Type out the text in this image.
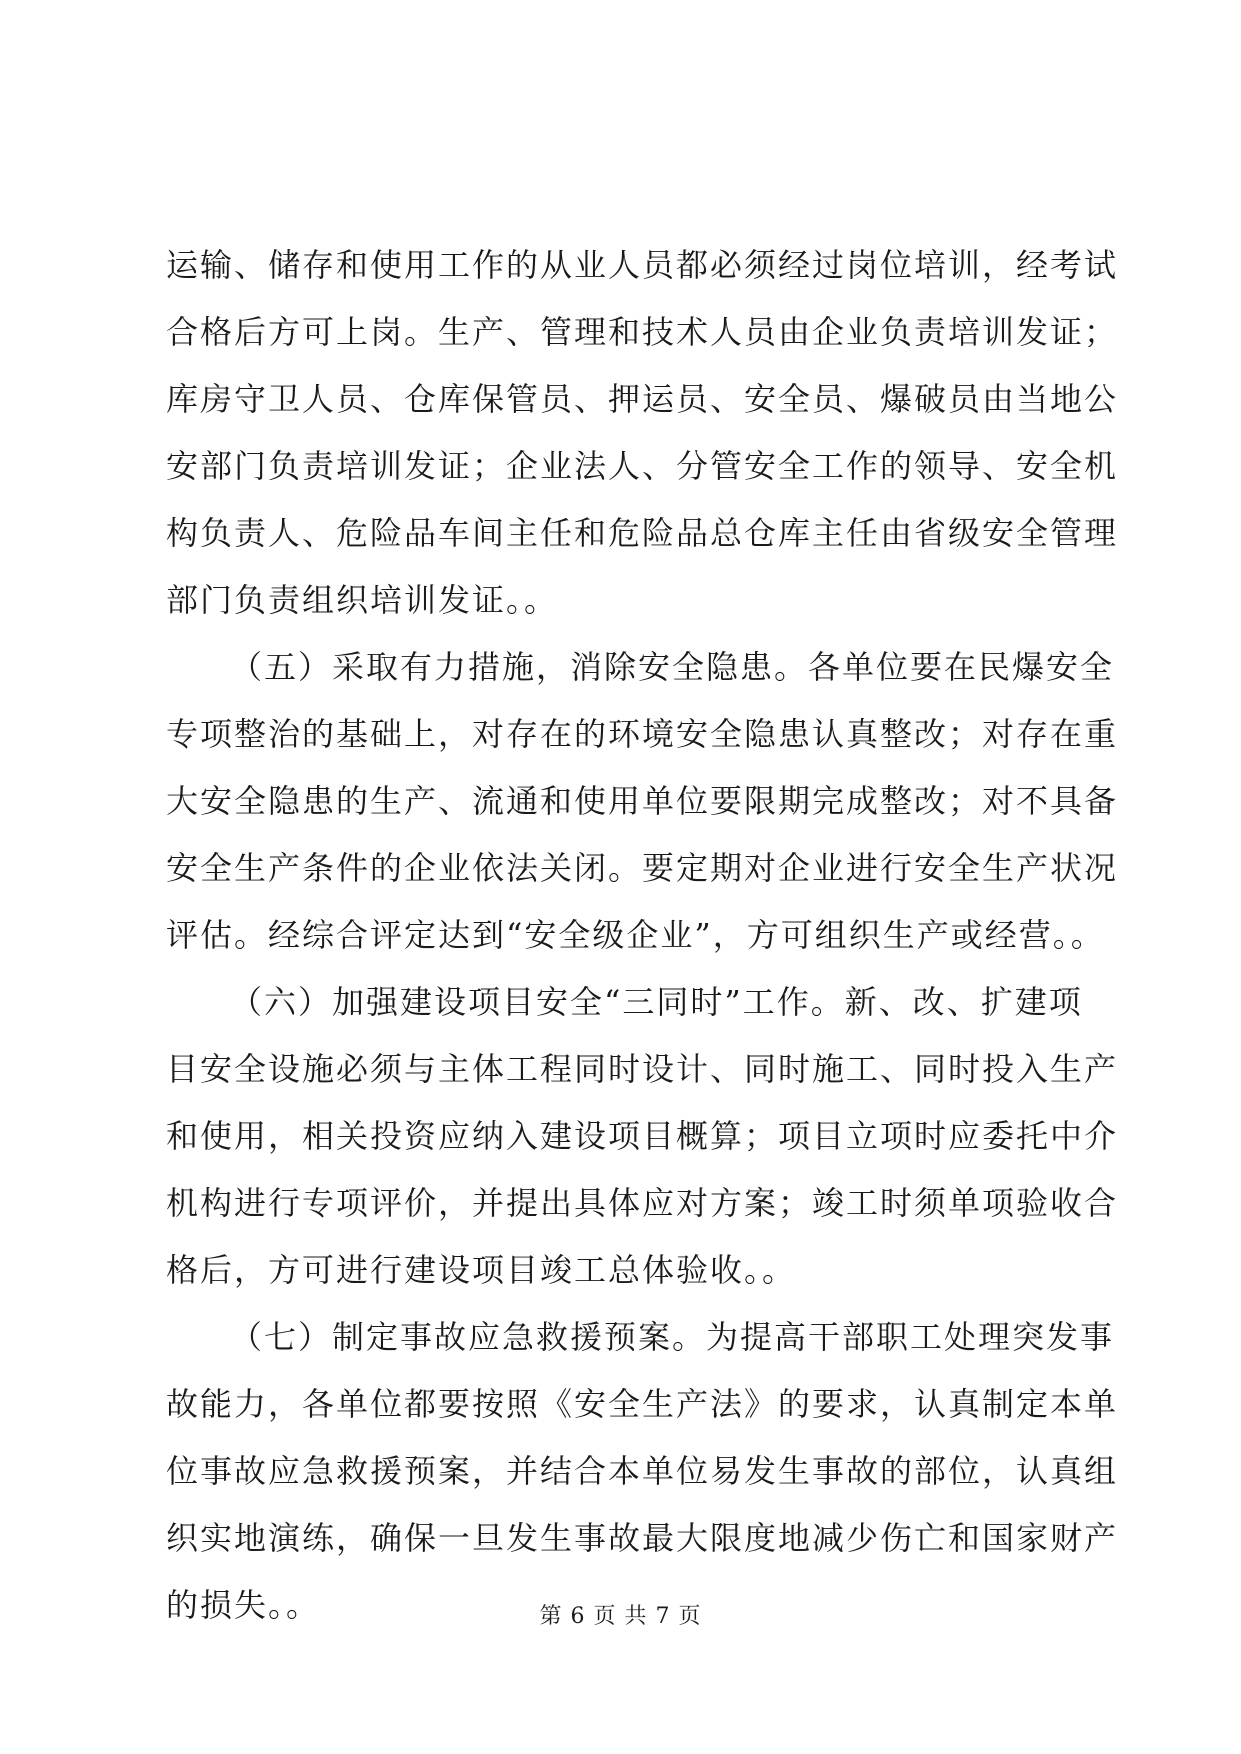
运输、储存和使用工作的从业人员都必须经过岗位培训，经考试
合格后方可上岗。生产、管理和技术人员由企业负责培训发证；
库房守卫人员、仓库保管员、押运员、安全员、爆破员由当地公
安部门负责培训发证；企业法人、分管安全工作的领导、安全机
构负责人、危险品车间主任和危险品总仓库主任由省级安全管理
部门负责组织培训发证。。
（五）采取有力措施，消除安全隐患。各单位要在民爆安全
专项整治的基础上，对存在的环境安全隐患认真整改；对存在重
大安全隐患的生产、流通和使用单位要限期完成整改；对不具备
安全生产条件的企业依法关闭。要定期对企业进行安全生产状况
评估。经综合评定达到“安全级企业”，方可组织生产或经营。。
（六）加强建设项目安全“三同时”工作。新、改、扩建项
目安全设施必须与主体工程同时设计、同时施工、同时投入生产
和使用，相关投资应纳入建设项目概算；项目立项时应委托中介
机构进行专项评价，并提出具体应对方案；竣工时须单项验收合
格后，方可进行建设项目竣工总体验收。。
（七）制定事故应急救援预案。为提高干部职工处理突发事
故能力，各单位都要按照《安全生产法》的要求，认真制定本单
位事故应急救援预案，并结合本单位易发生事故的部位，认真组
织实地演练，确保一旦发生事故最大限度地减少伤亡和国家财产
的损失。。	第 6 页 共 7 页
